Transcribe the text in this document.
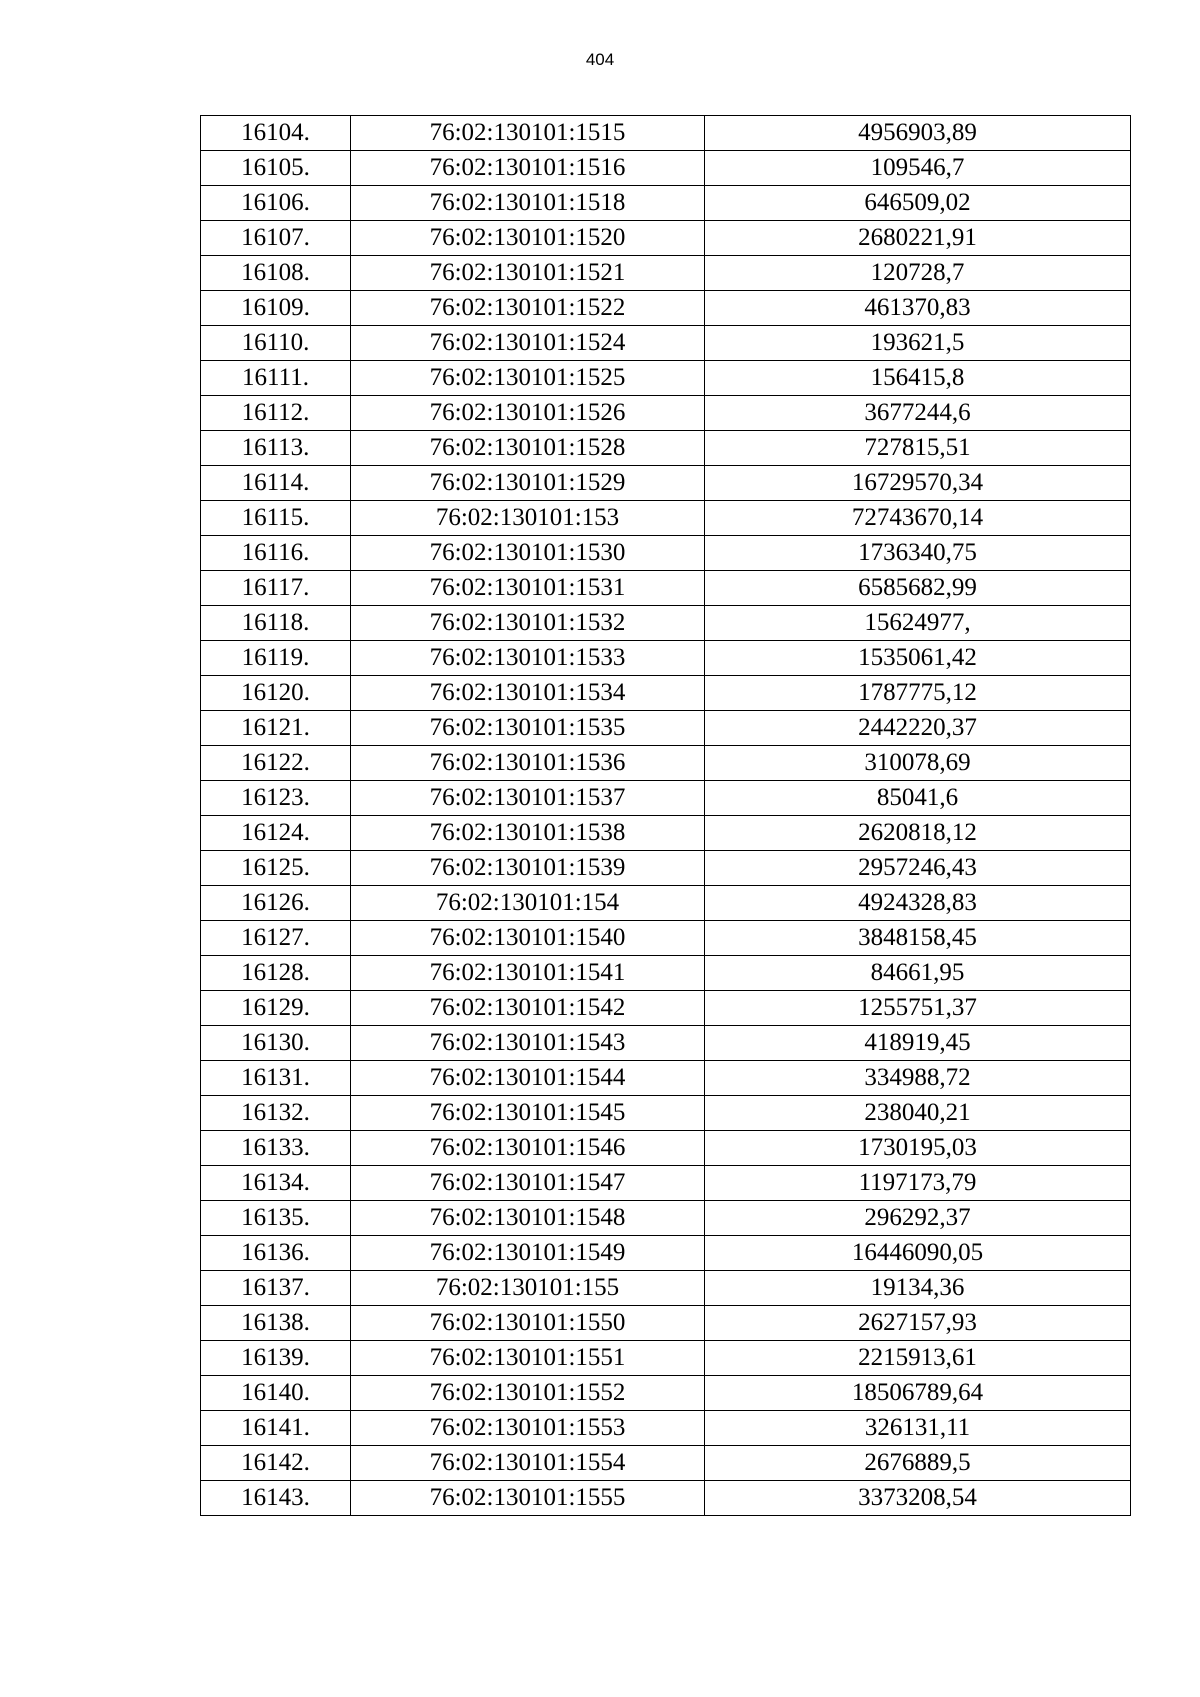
404
16104.	76:02:130101:1515	4956903,89
16105.	76:02:130101:1516	109546,7
16106.	76:02:130101:1518	646509,02
16107.	76:02:130101:1520	2680221,91
16108.	76:02:130101:1521	120728,7
16109.	76:02:130101:1522	461370,83
16110.	76:02:130101:1524	193621,5
16111.	76:02:130101:1525	156415,8
16112.	76:02:130101:1526	3677244,6
16113.	76:02:130101:1528	727815,51
16114.	76:02:130101:1529	16729570,34
16115.	76:02:130101:153	72743670,14
16116.	76:02:130101:1530	1736340,75
16117.	76:02:130101:1531	6585682,99
16118.	76:02:130101:1532	15624977,
16119.	76:02:130101:1533	1535061,42
16120.	76:02:130101:1534	1787775,12
16121.	76:02:130101:1535	2442220,37
16122.	76:02:130101:1536	310078,69
16123.	76:02:130101:1537	85041,6
16124.	76:02:130101:1538	2620818,12
16125.	76:02:130101:1539	2957246,43
16126.	76:02:130101:154	4924328,83
16127.	76:02:130101:1540	3848158,45
16128.	76:02:130101:1541	84661,95
16129.	76:02:130101:1542	1255751,37
16130.	76:02:130101:1543	418919,45
16131.	76:02:130101:1544	334988,72
16132.	76:02:130101:1545	238040,21
16133.	76:02:130101:1546	1730195,03
16134.	76:02:130101:1547	1197173,79
16135.	76:02:130101:1548	296292,37
16136.	76:02:130101:1549	16446090,05
16137.	76:02:130101:155	19134,36
16138.	76:02:130101:1550	2627157,93
16139.	76:02:130101:1551	2215913,61
16140.	76:02:130101:1552	18506789,64
16141.	76:02:130101:1553	326131,11
16142.	76:02:130101:1554	2676889,5
16143.	76:02:130101:1555	3373208,54
